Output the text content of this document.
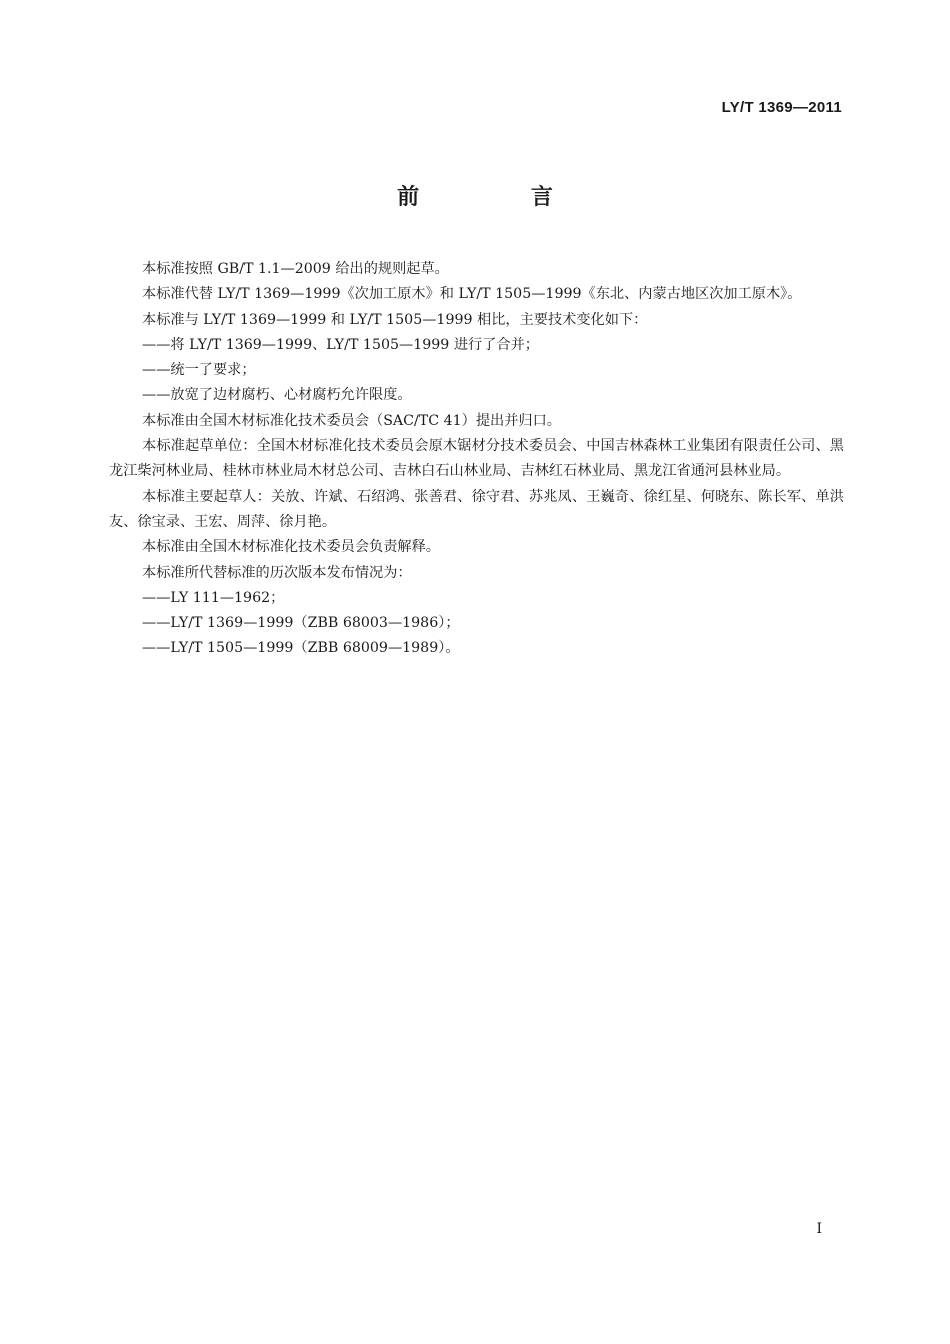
LY/T 1369—2011
前 言

本标准按照 GB/T 1.1—2009 给出的规则起草。

本标准代替 LY/T 1369—1999《次加工原木》和 LY/T 1505—1999《东北、内蒙古地区次加工原木》。

本标准与 LY/T 1369—1999 和 LY/T 1505—1999 相比，主要技术变化如下：

——将 LY/T 1369—1999、LY/T 1505—1999 进行了合并；

——统一了要求；

——放宽了边材腐朽、心材腐朽允许限度。

本标准由全国木材标准化技术委员会（SAC/TC 41）提出并归口。

本标准起草单位：全国木材标准化技术委员会原木锯材分技术委员会、中国吉林森林工业集团有限责任公司、黑龙江柴河林业局、桂林市林业局木材总公司、吉林白石山林业局、吉林红石林业局、黑龙江省通河县林业局。

本标准主要起草人：关放、许斌、石绍鸿、张善君、徐守君、苏兆凤、王巍奇、徐红星、何晓东、陈长军、单洪友、徐宝录、王宏、周萍、徐月艳。

本标准由全国木材标准化技术委员会负责解释。

本标准所代替标准的历次版本发布情况为：

——LY 111—1962；

——LY/T 1369—1999（ZBB 68003—1986）；

——LY/T 1505—1999（ZBB 68009—1989）。

I
